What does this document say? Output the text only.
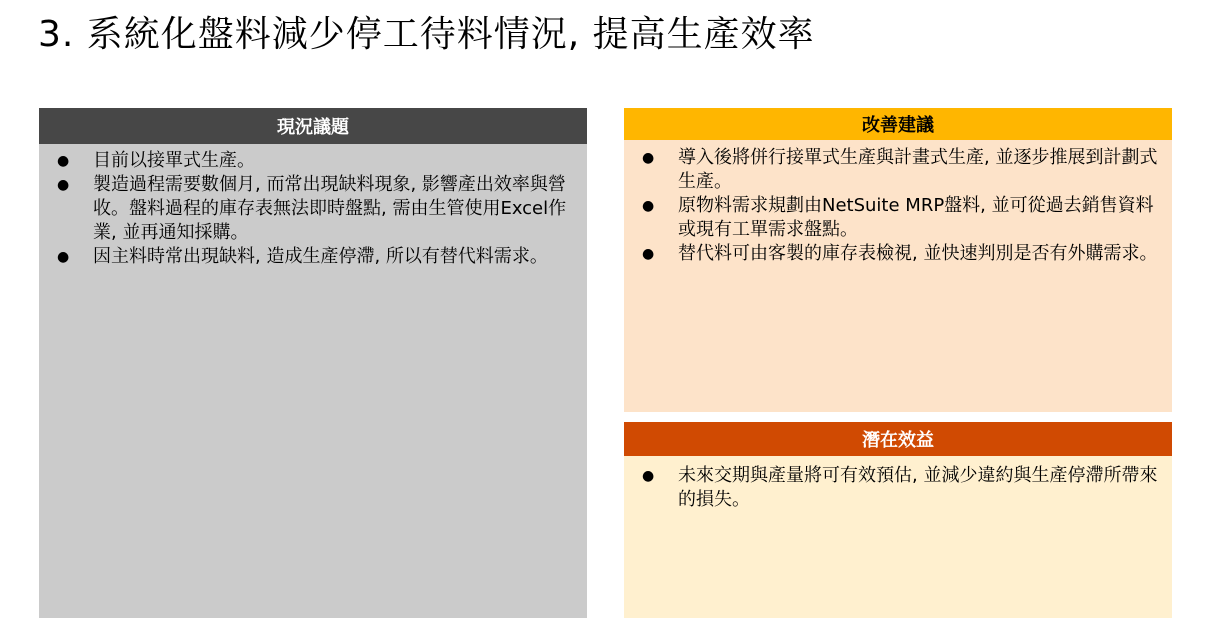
3. 系統化盤料減少停工待料情況, 提高生產效率
現況議題
● 目前以接單式生產。
● 製造過程需要數個月, 而常出現缺料現象, 影響產出效率與營收。盤料過程的庫存表無法即時盤點, 需由生管使用Excel作業, 並再通知採購。
● 因主料時常出現缺料, 造成生產停滯, 所以有替代料需求。
改善建議
● 導入後將併行接單式生產與計畫式生產, 並逐步推展到計劃式生產。
● 原物料需求規劃由NetSuite MRP盤料, 並可從過去銷售資料或現有工單需求盤點。
● 替代料可由客製的庫存表檢視, 並快速判別是否有外購需求。
潛在效益
● 未來交期與產量將可有效預估, 並減少違約與生產停滯所帶來的損失。
